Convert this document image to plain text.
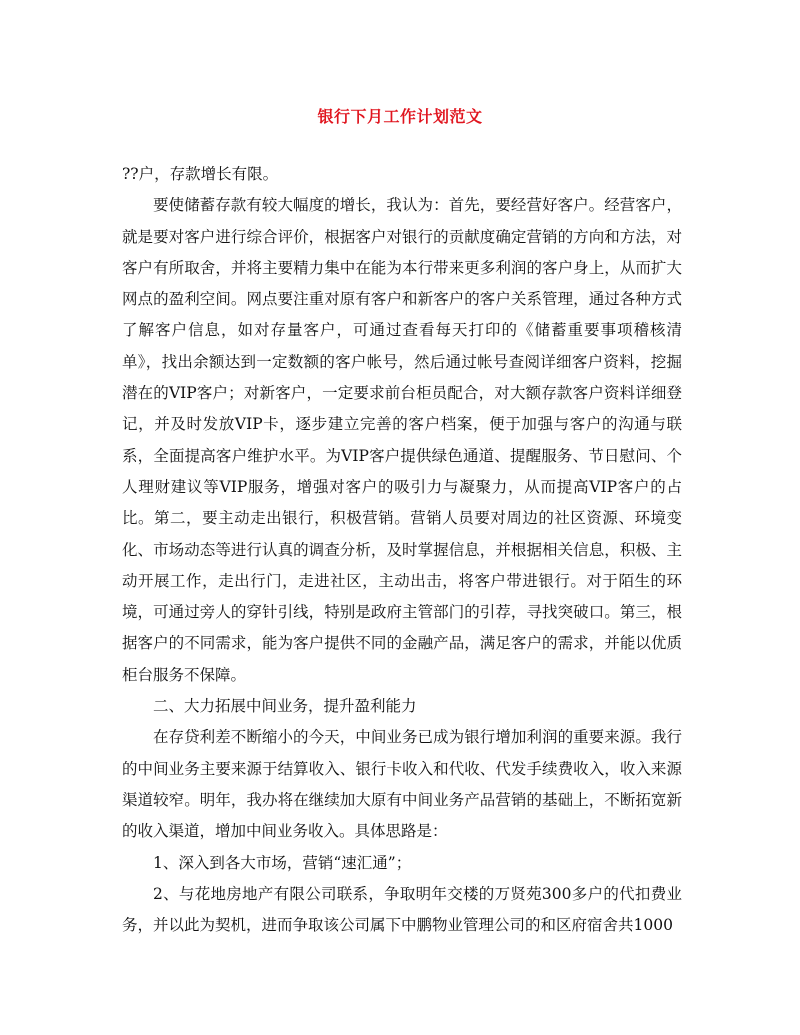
银行下月工作计划范文

??户，存款增长有限。

要使储蓄存款有较大幅度的增长，我认为：首先，要经营好客户。经营客户，就是要对客户进行综合评价，根据客户对银行的贡献度确定营销的方向和方法，对客户有所取舍，并将主要精力集中在能为本行带来更多利润的客户身上，从而扩大网点的盈利空间。网点要注重对原有客户和新客户的客户关系管理，通过各种方式了解客户信息，如对存量客户，可通过查看每天打印的《储蓄重要事项稽核清单》，找出余额达到一定数额的客户帐号，然后通过帐号查阅详细客户资料，挖掘潜在的VIP客户；对新客户，一定要求前台柜员配合，对大额存款客户资料详细登记，并及时发放VIP卡，逐步建立完善的客户档案，便于加强与客户的沟通与联系，全面提高客户维护水平。为VIP客户提供绿色通道、提醒服务、节日慰问、个人理财建议等VIP服务，增强对客户的吸引力与凝聚力，从而提高VIP客户的占比。第二，要主动走出银行，积极营销。营销人员要对周边的社区资源、环境变化、市场动态等进行认真的调查分析，及时掌握信息，并根据相关信息，积极、主动开展工作，走出行门，走进社区，主动出击，将客户带进银行。对于陌生的环境，可通过旁人的穿针引线，特别是政府主管部门的引荐，寻找突破口。第三，根据客户的不同需求，能为客户提供不同的金融产品，满足客户的需求，并能以优质柜台服务不保障。

二、大力拓展中间业务，提升盈利能力

在存贷利差不断缩小的今天，中间业务已成为银行增加利润的重要来源。我行的中间业务主要来源于结算收入、银行卡收入和代收、代发手续费收入，收入来源渠道较窄。明年，我办将在继续加大原有中间业务产品营销的基础上，不断拓宽新的收入渠道，增加中间业务收入。具体思路是：

1、深入到各大市场，营销“速汇通”；

2、与花地房地产有限公司联系，争取明年交楼的万贤苑300多户的代扣费业务，并以此为契机，进而争取该公司属下中鹏物业管理公司的和区府宿舍共1000
